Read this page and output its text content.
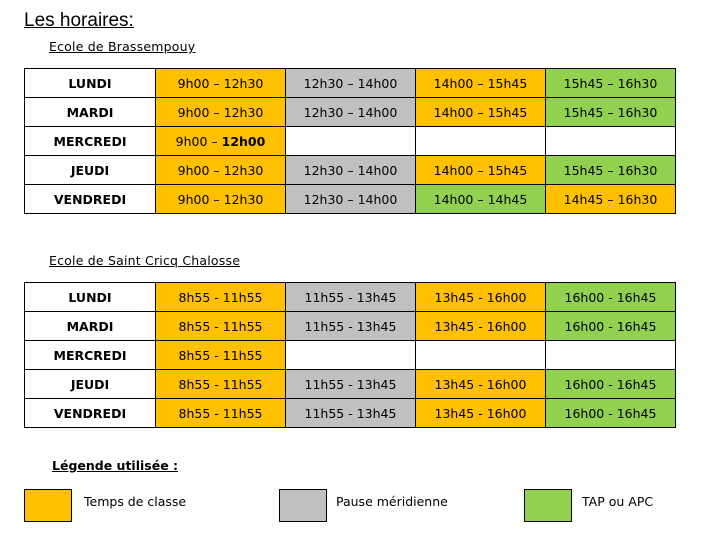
Les horaires:
Ecole de Brassempouy
LUNDI	9h00 – 12h30	12h30 – 14h00	14h00 – 15h45	15h45 – 16h30
MARDI	9h00 – 12h30	12h30 – 14h00	14h00 – 15h45	15h45 – 16h30
MERCREDI	9h00 – 12h00			
JEUDI	9h00 – 12h30	12h30 – 14h00	14h00 – 15h45	15h45 – 16h30
VENDREDI	9h00 – 12h30	12h30 – 14h00	14h00 – 14h45	14h45 – 16h30
Ecole de Saint Cricq Chalosse
LUNDI	8h55 - 11h55	11h55 - 13h45	13h45 - 16h00	16h00 - 16h45
MARDI	8h55 - 11h55	11h55 - 13h45	13h45 - 16h00	16h00 - 16h45
MERCREDI	8h55 - 11h55			
JEUDI	8h55 - 11h55	11h55 - 13h45	13h45 - 16h00	16h00 - 16h45
VENDREDI	8h55 - 11h55	11h55 - 13h45	13h45 - 16h00	16h00 - 16h45
Légende utilisée :
Temps de classe	Pause méridienne	TAP ou APC
